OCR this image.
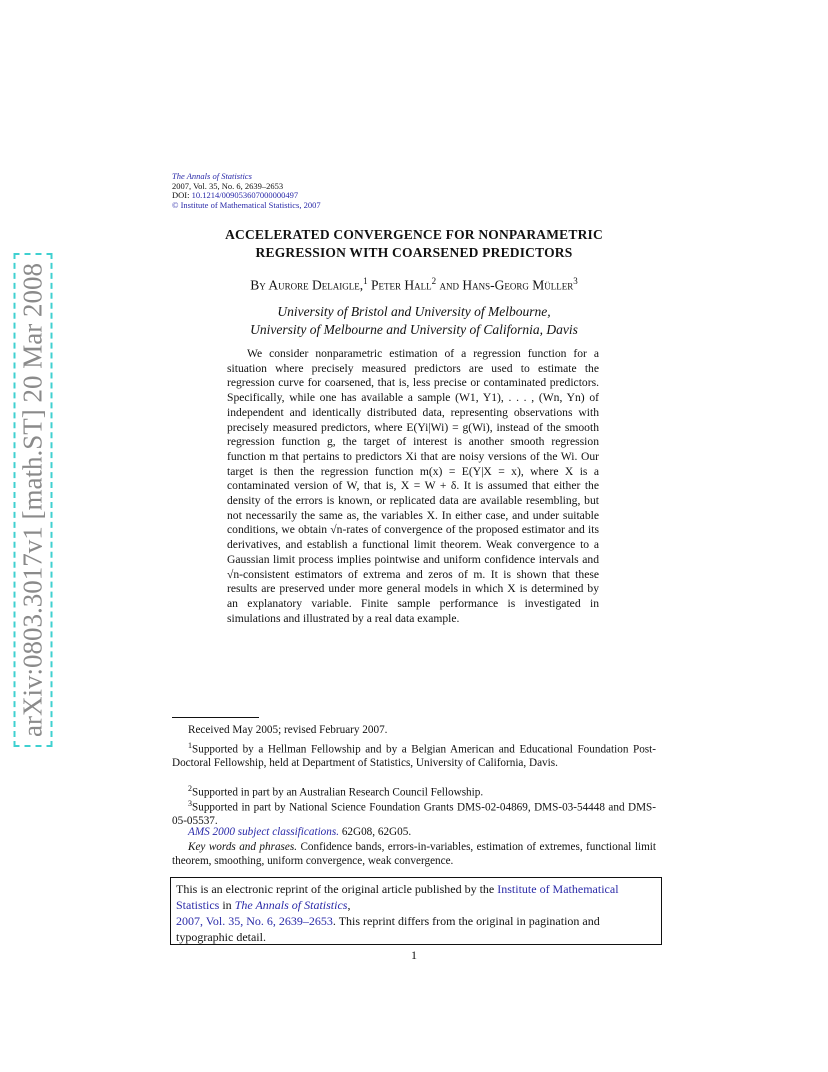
arXiv:0803.3017v1 [math.ST] 20 Mar 2008
The Annals of Statistics
2007, Vol. 35, No. 6, 2639–2653
DOI: 10.1214/009053607000000497
© Institute of Mathematical Statistics, 2007
ACCELERATED CONVERGENCE FOR NONPARAMETRIC
REGRESSION WITH COARSENED PREDICTORS
By Aurore Delaigle,$^1$ Peter Hall$^2$ and Hans-Georg Müller$^3$
University of Bristol and University of Melbourne,
University of Melbourne and University of California, Davis
We consider nonparametric estimation of a regression function for a situation where precisely measured predictors are used to estimate the regression curve for coarsened, that is, less precise or contaminated predictors. Specifically, while one has available a sample (W1, Y1), . . . , (Wn, Yn) of independent and identically distributed data, representing observations with precisely measured predictors, where E(Yi|Wi) = g(Wi), instead of the smooth regression function g, the target of interest is another smooth regression function m that pertains to predictors Xi that are noisy versions of the Wi. Our target is then the regression function m(x) = E(Y|X = x), where X is a contaminated version of W, that is, X = W + δ. It is assumed that either the density of the errors is known, or replicated data are available resembling, but not necessarily the same as, the variables X. In either case, and under suitable conditions, we obtain √n-rates of convergence of the proposed estimator and its derivatives, and establish a functional limit theorem. Weak convergence to a Gaussian limit process implies pointwise and uniform confidence intervals and √n-consistent estimators of extrema and zeros of m. It is shown that these results are preserved under more general models in which X is determined by an explanatory variable. Finite sample performance is investigated in simulations and illustrated by a real data example.
Received May 2005; revised February 2007.
$^1$Supported by a Hellman Fellowship and by a Belgian American and Educational Foundation Post-Doctoral Fellowship, held at Department of Statistics, University of California, Davis.
$^2$Supported in part by an Australian Research Council Fellowship.
$^3$Supported in part by National Science Foundation Grants DMS-02-04869, DMS-03-54448 and DMS-05-05537.
AMS 2000 subject classifications. 62G08, 62G05.
Key words and phrases. Confidence bands, errors-in-variables, estimation of extremes, functional limit theorem, smoothing, uniform convergence, weak convergence.
This is an electronic reprint of the original article published by the Institute of Mathematical Statistics in The Annals of Statistics,
2007, Vol. 35, No. 6, 2639–2653. This reprint differs from the original in pagination and typographic detail.
1
